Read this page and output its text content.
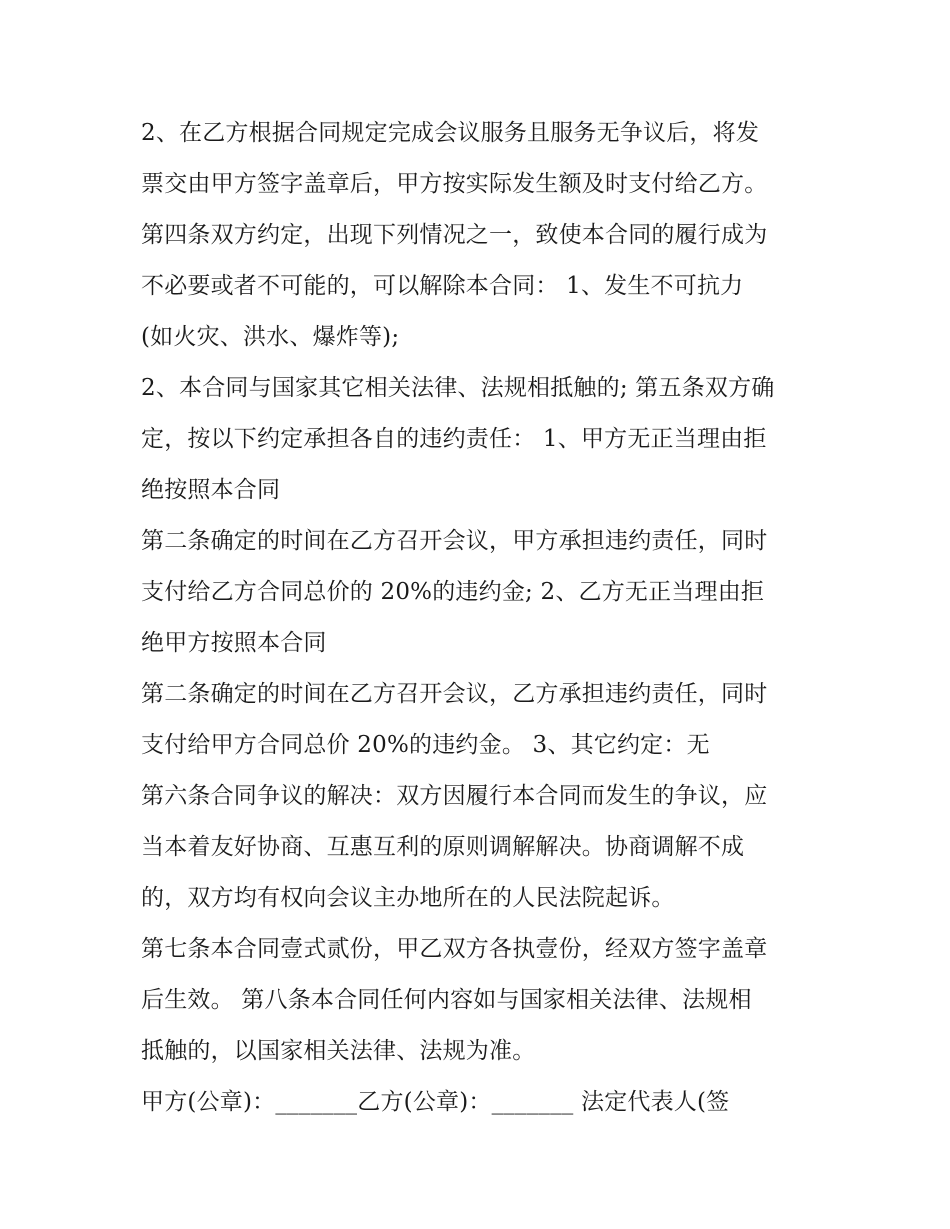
2、在乙方根据合同规定完成会议服务且服务无争议后，将发
票交由甲方签字盖章后，甲方按实际发生额及时支付给乙方。
第四条双方约定，出现下列情况之一，致使本合同的履行成为
不必要或者不可能的，可以解除本合同： 1、发生不可抗力
(如火灾、洪水、爆炸等);
2、本合同与国家其它相关法律、法规相抵触的; 第五条双方确
定，按以下约定承担各自的违约责任： 1、甲方无正当理由拒
绝按照本合同
第二条确定的时间在乙方召开会议，甲方承担违约责任，同时
支付给乙方合同总价的 20%的违约金; 2、乙方无正当理由拒
绝甲方按照本合同
第二条确定的时间在乙方召开会议，乙方承担违约责任，同时
支付给甲方合同总价 20%的违约金。 3、其它约定：无
第六条合同争议的解决：双方因履行本合同而发生的争议，应
当本着友好协商、互惠互利的原则调解解决。协商调解不成
的，双方均有权向会议主办地所在的人民法院起诉。
第七条本合同壹式贰份，甲乙双方各执壹份，经双方签字盖章
后生效。 第八条本合同任何内容如与国家相关法律、法规相
抵触的，以国家相关法律、法规为准。
甲方(公章)：_______乙方(公章)：_______ 法定代表人(签
